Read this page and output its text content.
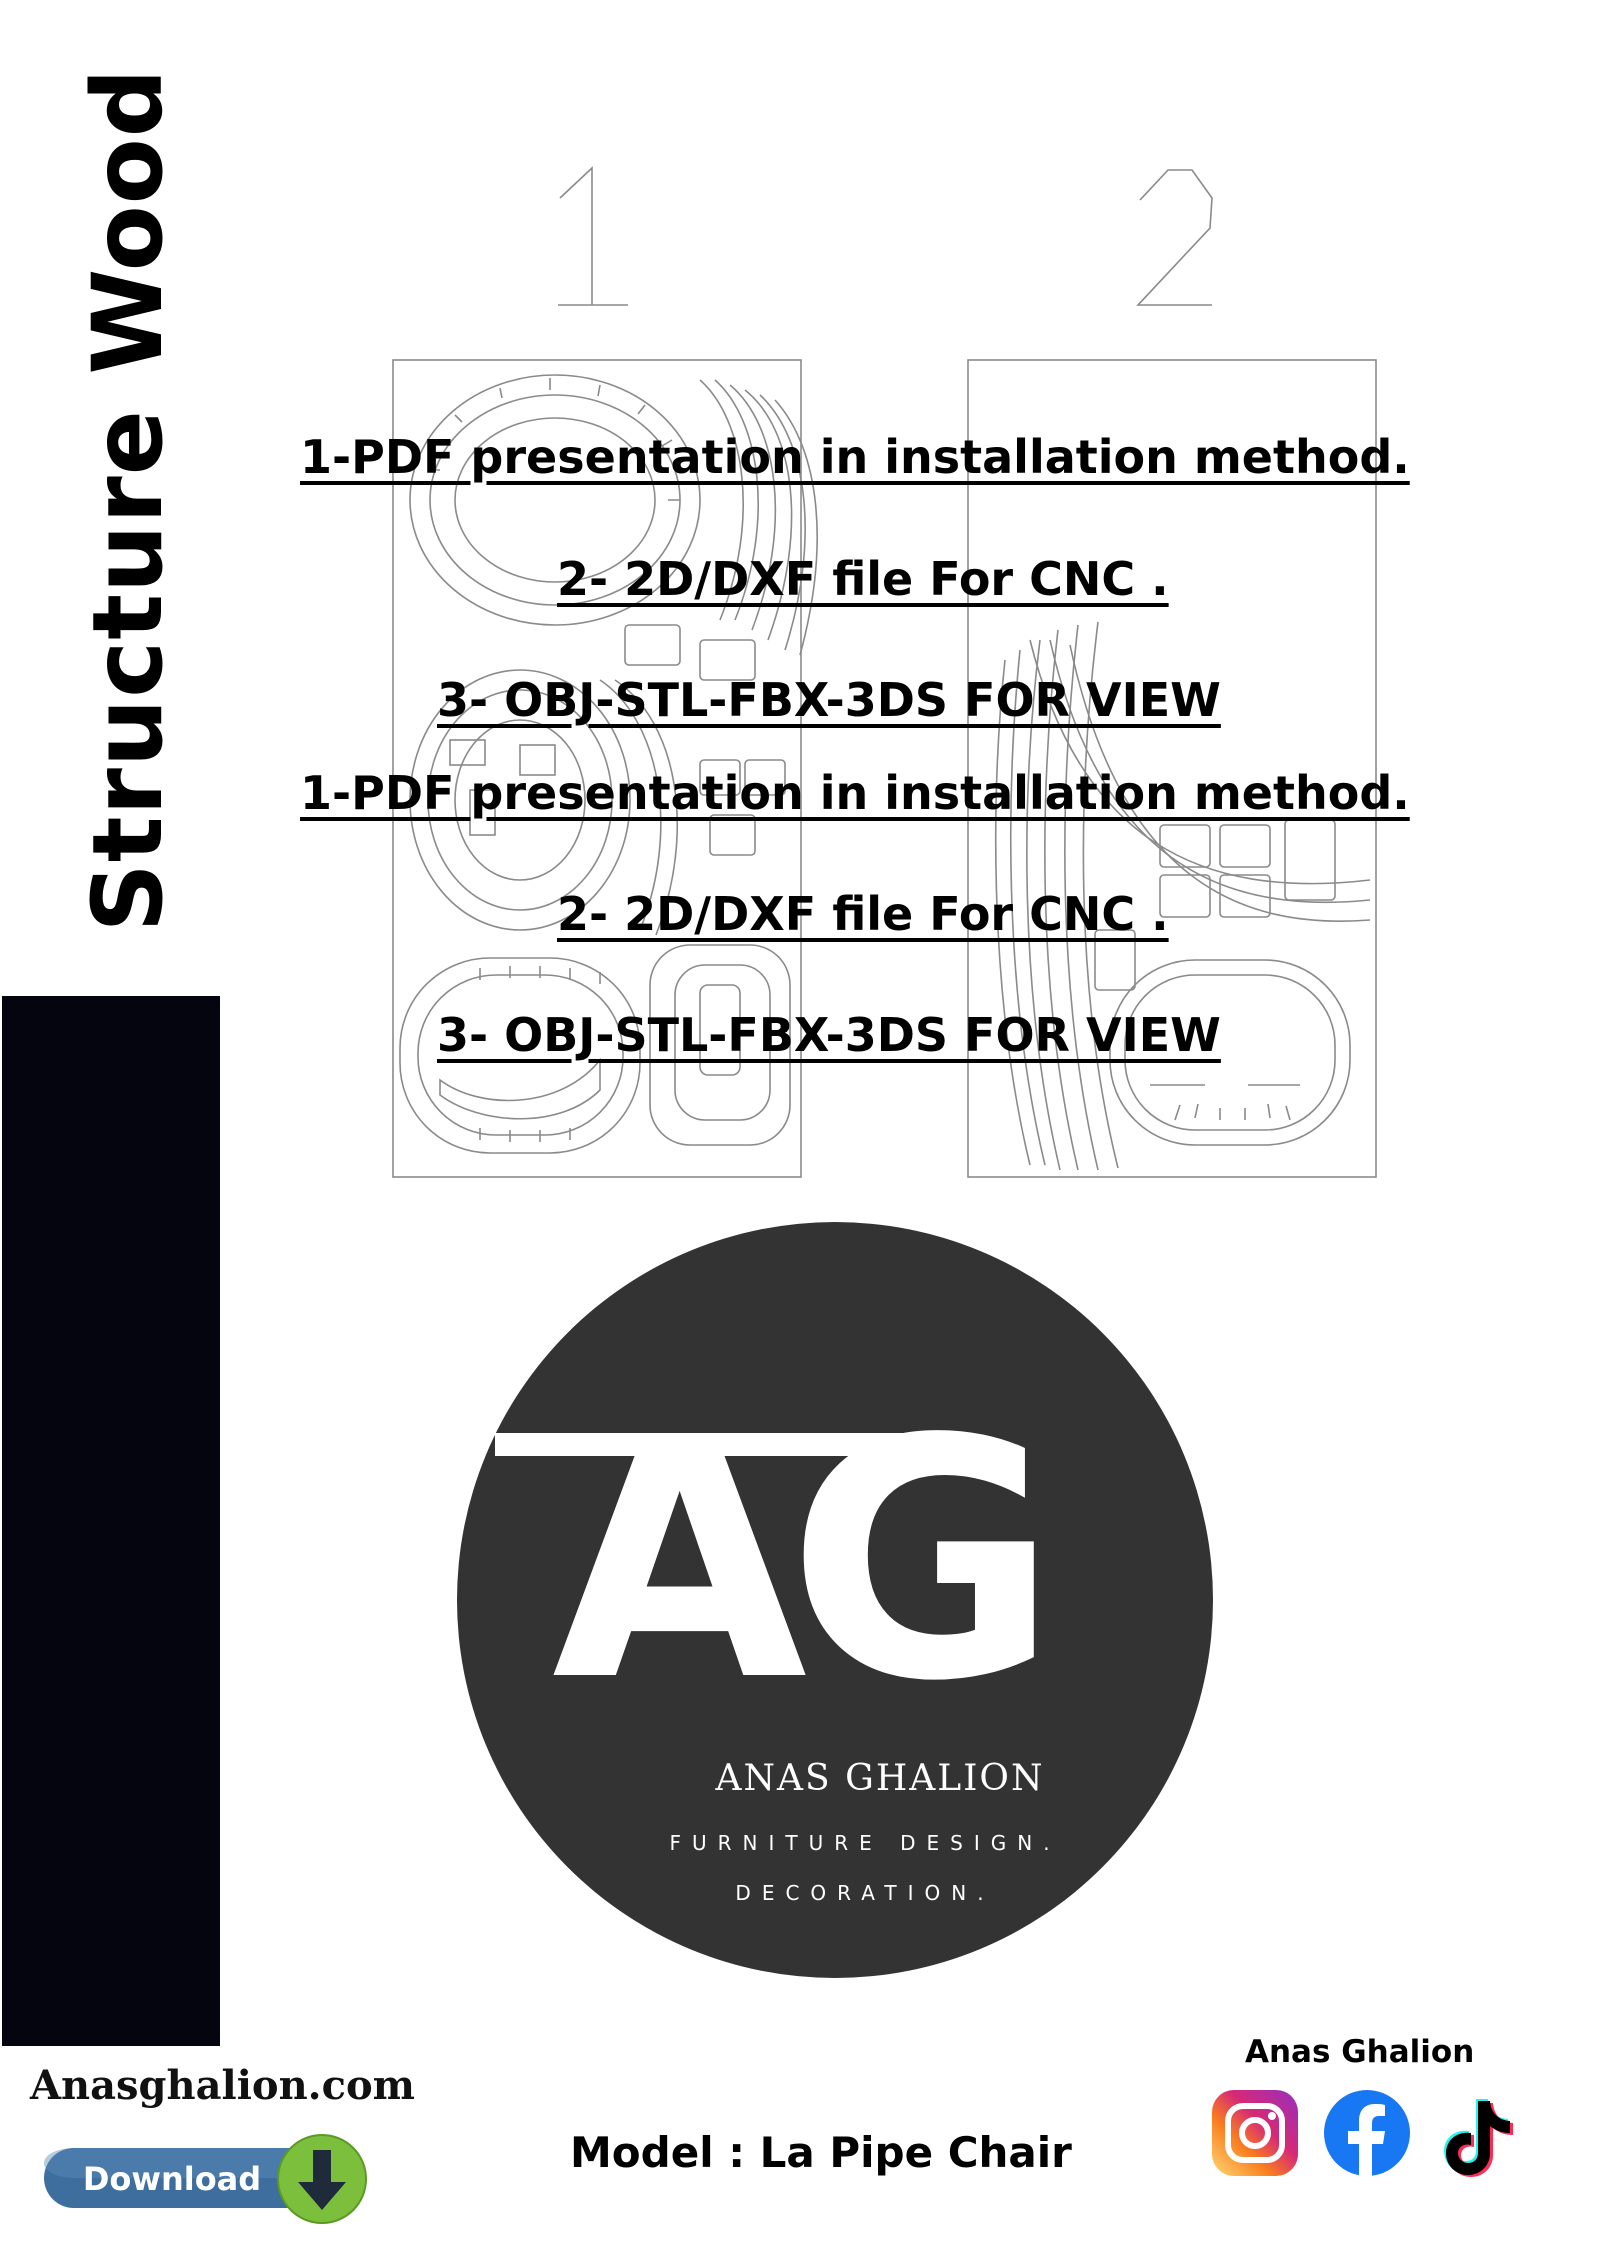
Structure Wood	1-PDF presentation in installation method.
2- 2D/DXF file For CNC .
3- OBJ-STL-FBX-3DS FOR VIEW
1-PDF presentation in installation method.
2- 2D/DXF file For CNC .
3- OBJ-STL-FBX-3DS FOR VIEW
AG
ANAS GHALION
FURNITURE DESIGN.
DECORATION.
Anasghalion.com
Download
Model : La Pipe Chair
Anas Ghalion
